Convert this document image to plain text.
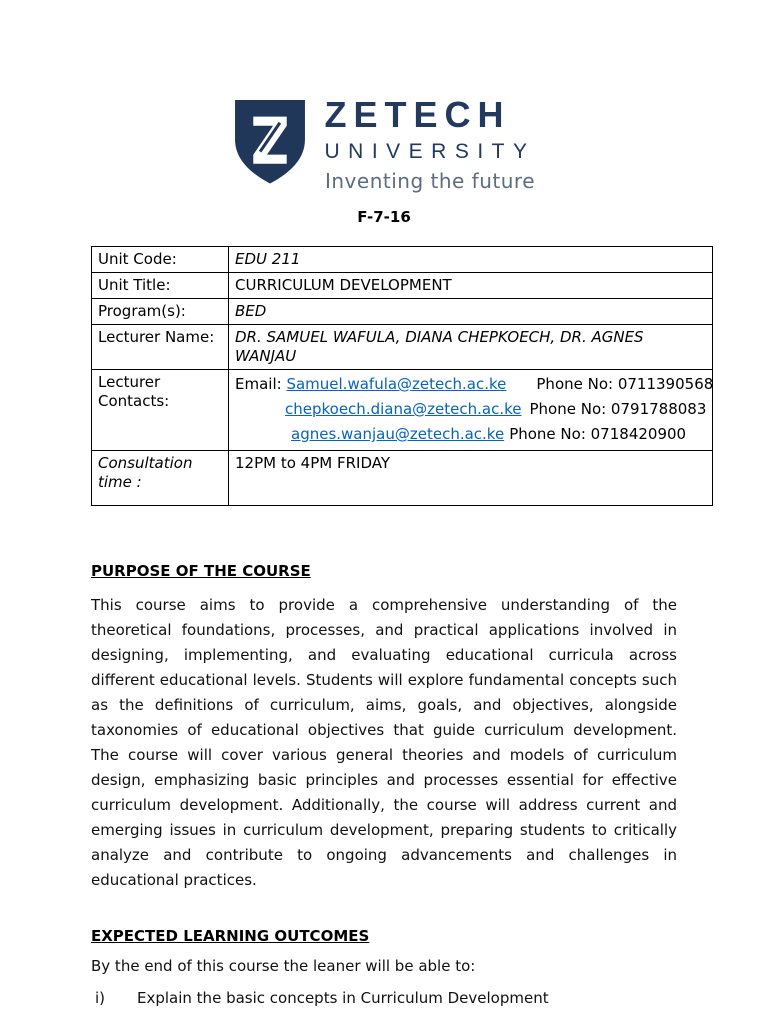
ZETECH
UNIVERSITY
Inventing the future
F-7-16
Unit Code:	EDU 211
Unit Title:	CURRICULUM DEVELOPMENT
Program(s):	BED
Lecturer Name:	DR. SAMUEL WAFULA, DIANA CHEPKOECH, DR. AGNES WANJAU
Lecturer Contacts:	Email: Samuel.wafula@zetech.ac.ke Phone No: 0711390568
chepkoech.diana@zetech.ac.ke Phone No: 0791788083
agnes.wanjau@zetech.ac.ke Phone No: 0718420900

Consultation time :	12PM to 4PM FRIDAY
PURPOSE OF THE COURSE
This course aims to provide a comprehensive understanding of the theoretical foundations, processes, and practical applications involved in designing, implementing, and evaluating educational curricula across different educational levels. Students will explore fundamental concepts such as the definitions of curriculum, aims, goals, and objectives, alongside taxonomies of educational objectives that guide curriculum development. The course will cover various general theories and models of curriculum design, emphasizing basic principles and processes essential for effective curriculum development. Additionally, the course will address current and emerging issues in curriculum development, preparing students to critically analyze and contribute to ongoing advancements and challenges in educational practices.
EXPECTED LEARNING OUTCOMES
By the end of this course the leaner will be able to:
i)	Explain the basic concepts in Curriculum Development
